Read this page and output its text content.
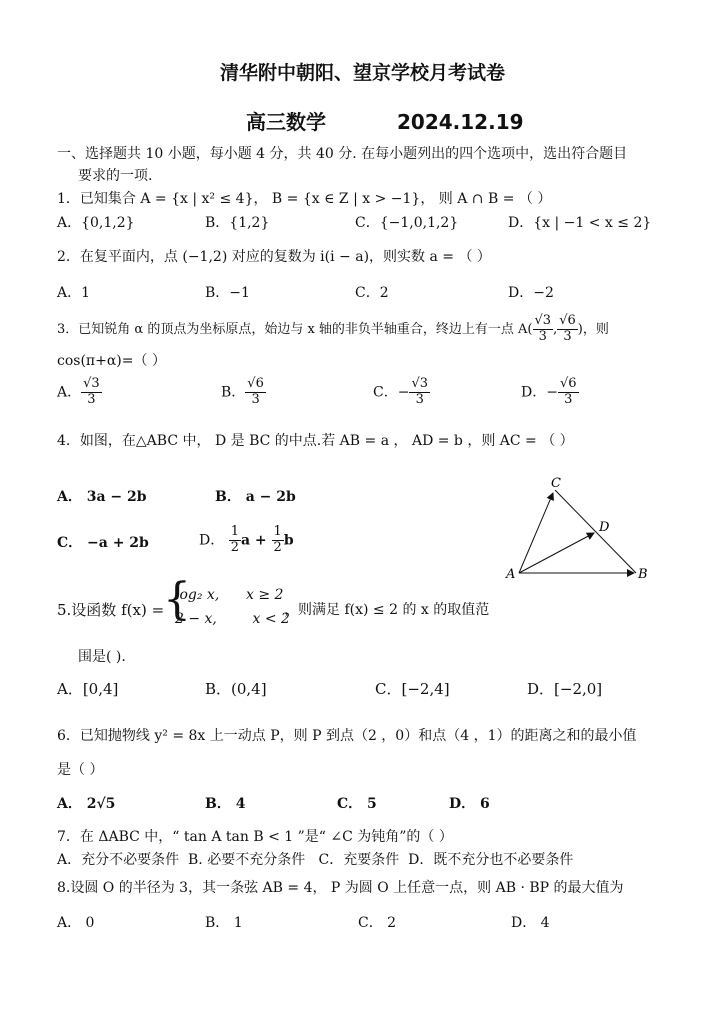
清华附中朝阳、望京学校月考试卷
高三数学	2024.12.19
一、选择题共 10 小题，每小题 4 分，共 40 分. 在每小题列出的四个选项中，选出符合题目
要求的一项.
1．已知集合 A = {x | x² ≤ 4}， B = {x ∈ Z | x > −1}， 则 A ∩ B = （ ）
A．{0,1,2}	B．{1,2}	C．{−1,0,1,2}	D．{x | −1 < x ≤ 2}
2．在复平面内，点 (−1,2) 对应的复数为 i(i − a)，则实数 a = （ ）
A．1	B．−1	C．2	D．−2
3．已知锐角 α 的顶点为坐标原点，始边与 x 轴的非负半轴重合，终边上有一点 $A( \frac{√3}{3}$ , $\frac{√6}{3}$ )，则
cos(π+α)=（ ）
A． $\frac{√3}{3}$	B． $\frac{√6}{3}$	C．− $\frac{√3}{3}$	D．− $\frac{√6}{3}$
4．如图，在△ABC 中， D 是 BC 的中点.若 AB = a ， AD = b ，则 AC = （ ）
A． 3a − 2b	B． a − 2b
C． −a + 2b	D． $\frac{1}{2}$ $a + \frac{1}{2}$ b
C
D
A	B
5.设函数 f(x) =
{
log₂ x,      x ≥ 2
2 − x,        x < 2
，则满足 f(x) ≤ 2 的 x 的取值范
围是( ).
A．[0,4]	B．(0,4]	C．[−2,4]	D．[−2,0]
6．已知抛物线 y² = 8x 上一动点 P，则 P 到点（2 ，0）和点（4 ，1）的距离之和的最小值
是（ ）
A． 2√5	B． 4	C． 5	D． 6
7．在 ΔABC 中，“ tan A tan B < 1 ”是“ ∠C 为钝角”的（ ）
A．充分不必要条件  B. 必要不充分条件   C．充要条件  D．既不充分也不必要条件
8.设圆 O 的半径为 3，其一条弦 AB = 4， P 为圆 O 上任意一点，则 AB · BP 的最大值为
A． 0	B． 1	C． 2	D． 4
